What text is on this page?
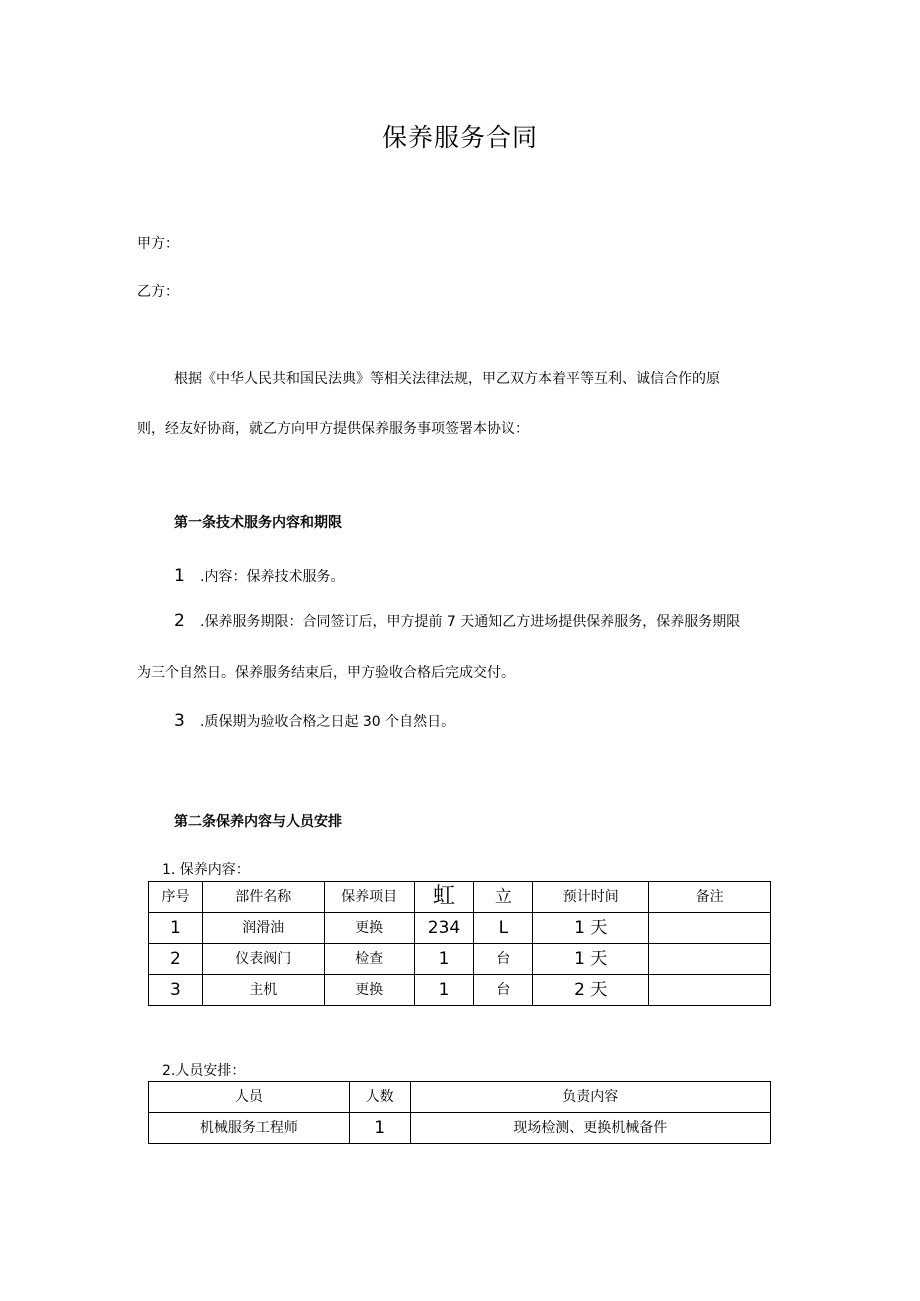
保养服务合同
甲方：
乙方：
根据《中华人民共和国民法典》等相关法律法规，甲乙双方本着平等互利、诚信合作的原
则，经友好协商，就乙方向甲方提供保养服务事项签署本协议：
第一条技术服务内容和期限
1 .内容：保养技术服务。
2 .保养服务期限：合同签订后，甲方提前 7 天通知乙方进场提供保养服务，保养服务期限
为三个自然日。保养服务结束后，甲方验收合格后完成交付。
3 .质保期为验收合格之日起 30 个自然日。
第二条保养内容与人员安排
1. 保养内容：
序号	部件名称	保养项目	虹	立	预计时间	备注
1	润滑油	更换	234	L	1 天	
2	仪表阀门	检查	1	台	1 天	
3	主机	更换	1	台	2 天	
2.人员安排：
人员	人数	负责内容
机械服务工程师	1	现场检测、更换机械备件
